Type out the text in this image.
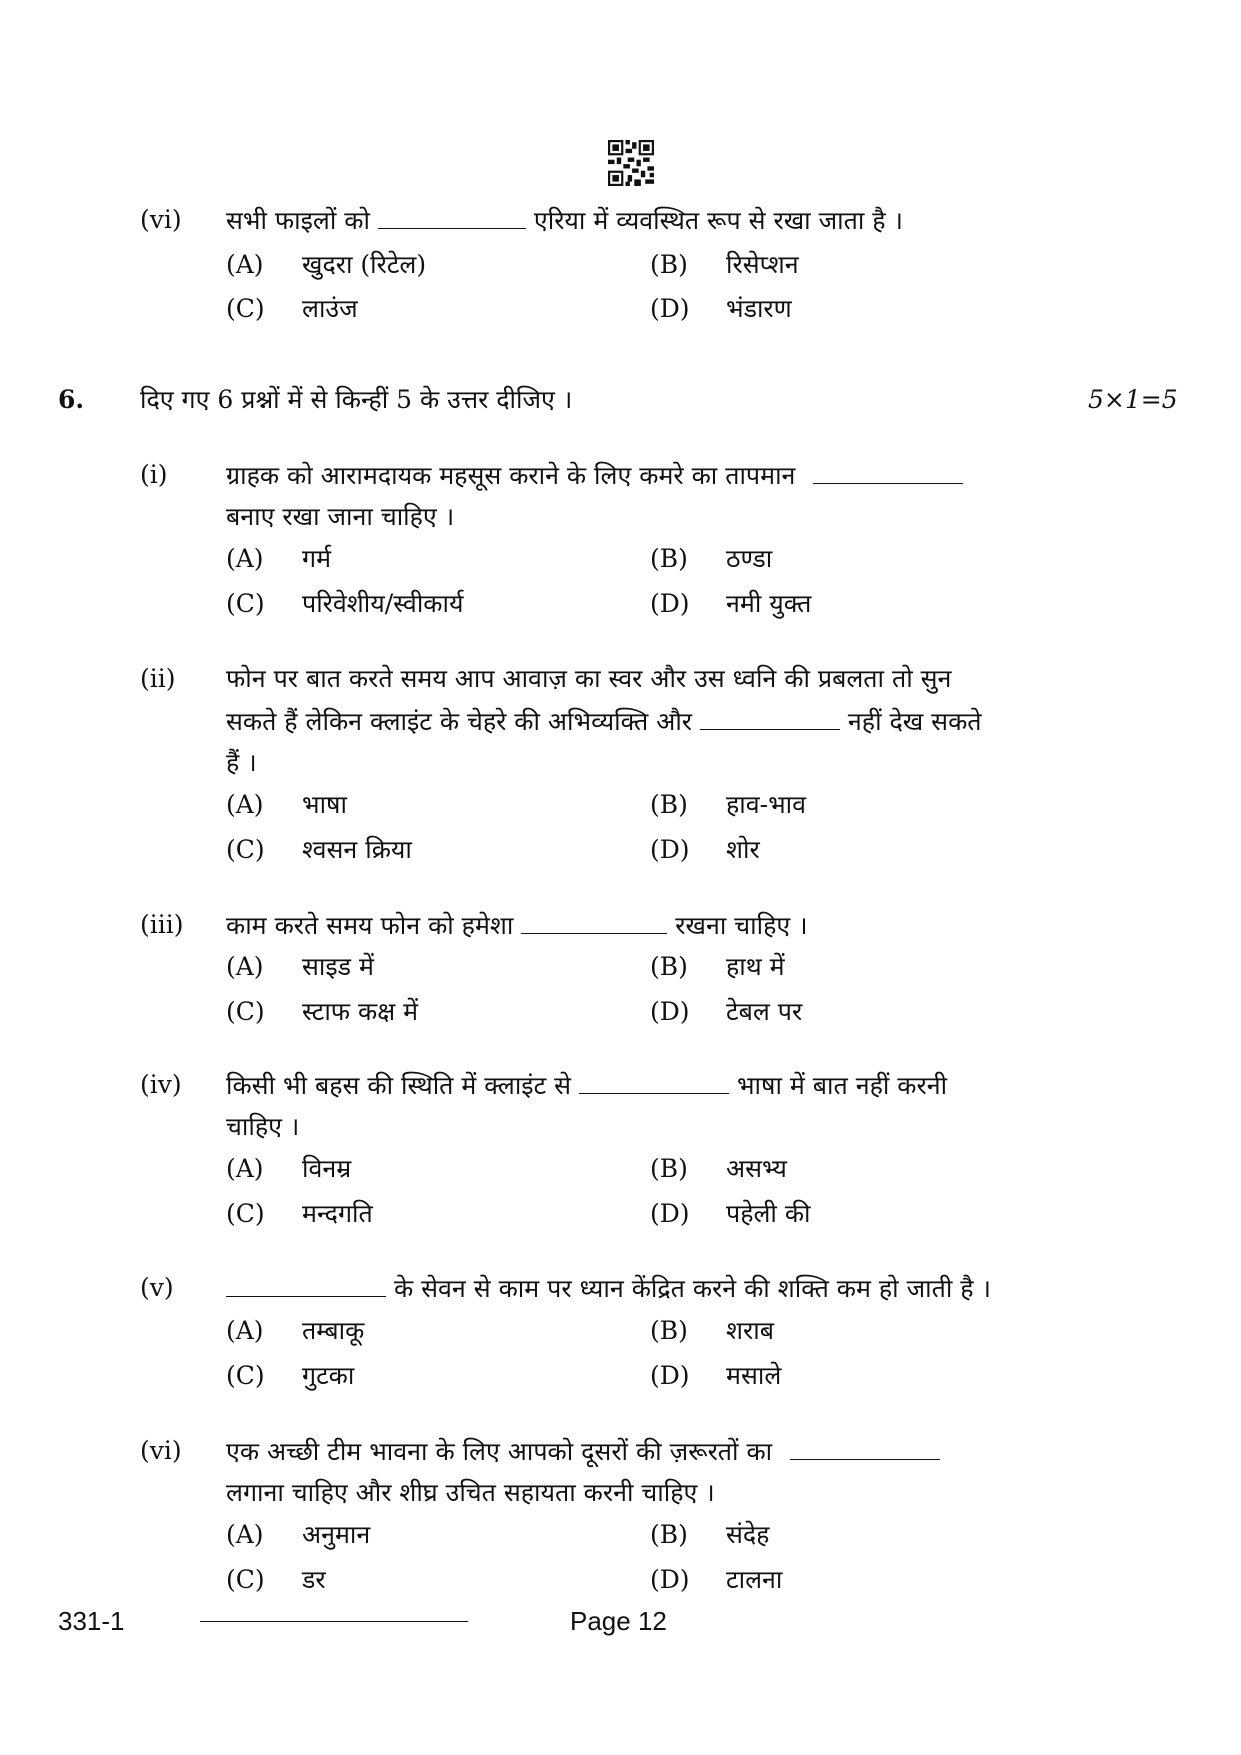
(vi) सभी फाइलों को	एरिया में व्यवस्थित रूप से रखा जाता है ।
(A) खुदरा (रिटेल)	(B) रिसेप्शन
(C) लाउंज	(D) भंडारण
6. दिए गए 6 प्रश्नों में से किन्हीं 5 के उत्तर दीजिए ।	5×1=5
(i) ग्राहक को आरामदायक महसूस कराने के लिए कमरे का तापमान
बनाए रखा जाना चाहिए ।
(A) गर्म	(B) ठण्डा
(C) परिवेशीय/स्वीकार्य	(D) नमी युक्त
(ii) फोन पर बात करते समय आप आवाज़ का स्वर और उस ध्वनि की प्रबलता तो सुन
सकते हैं लेकिन क्लाइंट के चेहरे की अभिव्यक्ति और	नहीं देख सकते
हैं ।
(A) भाषा	(B) हाव-भाव
(C) श्वसन क्रिया	(D) शोर
(iii) काम करते समय फोन को हमेशा	रखना चाहिए ।
(A) साइड में	(B) हाथ में
(C) स्टाफ कक्ष में	(D) टेबल पर
(iv) किसी भी बहस की स्थिति में क्लाइंट से	भाषा में बात नहीं करनी
चाहिए ।
(A) विनम्र	(B) असभ्य
(C) मन्दगति	(D) पहेली की
(v)	के सेवन से काम पर ध्यान केंद्रित करने की शक्ति कम हो जाती है ।
(A) तम्बाकू	(B) शराब
(C) गुटका	(D) मसाले
(vi) एक अच्छी टीम भावना के लिए आपको दूसरों की ज़रूरतों का
लगाना चाहिए और शीघ्र उचित सहायता करनी चाहिए ।
(A) अनुमान	(B) संदेह
(C) डर	(D) टालना
331-1	Page 12
